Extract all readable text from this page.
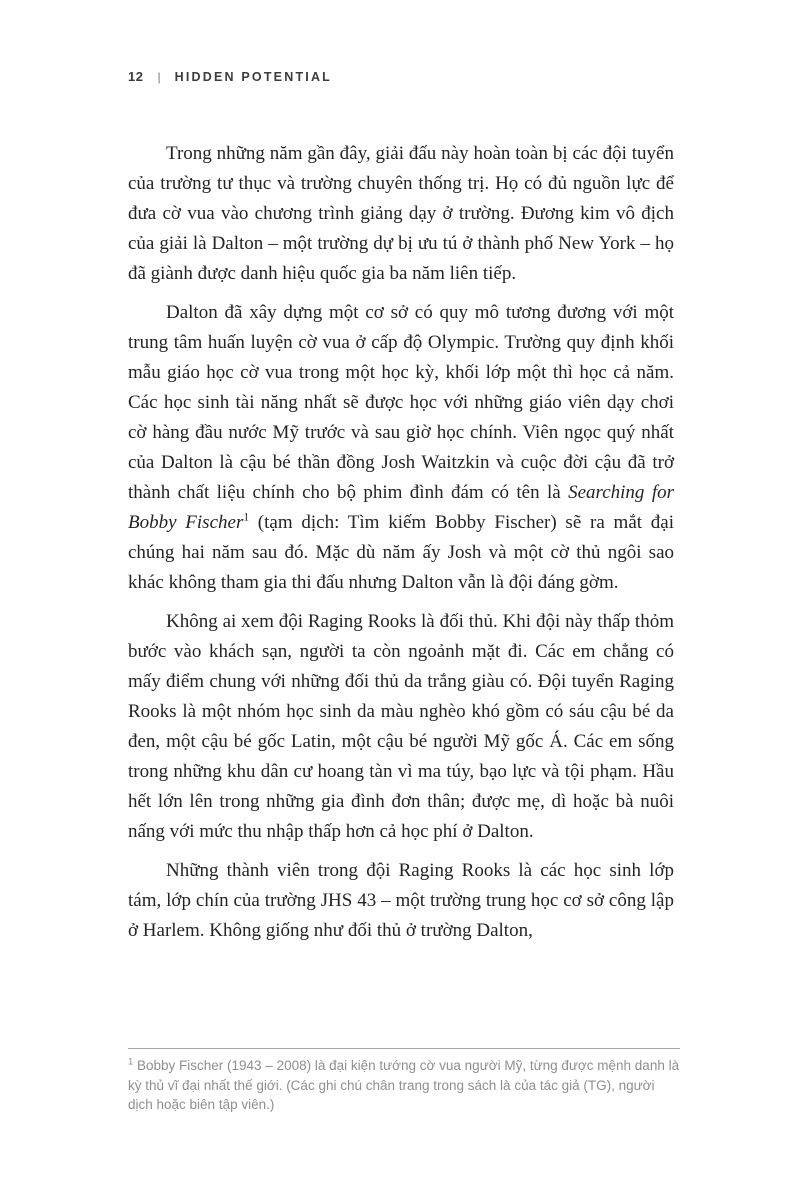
12 | HIDDEN POTENTIAL

Trong những năm gần đây, giải đấu này hoàn toàn bị các đội tuyển của trường tư thục và trường chuyên thống trị. Họ có đủ nguồn lực để đưa cờ vua vào chương trình giảng dạy ở trường. Đương kim vô địch của giải là Dalton – một trường dự bị ưu tú ở thành phố New York – họ đã giành được danh hiệu quốc gia ba năm liên tiếp.

Dalton đã xây dựng một cơ sở có quy mô tương đương với một trung tâm huấn luyện cờ vua ở cấp độ Olympic. Trường quy định khối mẫu giáo học cờ vua trong một học kỳ, khối lớp một thì học cả năm. Các học sinh tài năng nhất sẽ được học với những giáo viên dạy chơi cờ hàng đầu nước Mỹ trước và sau giờ học chính. Viên ngọc quý nhất của Dalton là cậu bé thần đồng Josh Waitzkin và cuộc đời cậu đã trở thành chất liệu chính cho bộ phim đình đám có tên là Searching for Bobby Fischer$^1$ (tạm dịch: Tìm kiếm Bobby Fischer) sẽ ra mắt đại chúng hai năm sau đó. Mặc dù năm ấy Josh và một cờ thủ ngôi sao khác không tham gia thi đấu nhưng Dalton vẫn là đội đáng gờm.

Không ai xem đội Raging Rooks là đối thủ. Khi đội này thấp thỏm bước vào khách sạn, người ta còn ngoảnh mặt đi. Các em chẳng có mấy điểm chung với những đối thủ da trắng giàu có. Đội tuyển Raging Rooks là một nhóm học sinh da màu nghèo khó gồm có sáu cậu bé da đen, một cậu bé gốc Latin, một cậu bé người Mỹ gốc Á. Các em sống trong những khu dân cư hoang tàn vì ma túy, bạo lực và tội phạm. Hầu hết lớn lên trong những gia đình đơn thân; được mẹ, dì hoặc bà nuôi nấng với mức thu nhập thấp hơn cả học phí ở Dalton.

Những thành viên trong đội Raging Rooks là các học sinh lớp tám, lớp chín của trường JHS 43 – một trường trung học cơ sở công lập ở Harlem. Không giống như đối thủ ở trường Dalton,

$^1$ Bobby Fischer (1943 – 2008) là đại kiện tướng cờ vua người Mỹ, từng được mệnh danh là kỳ thủ vĩ đại nhất thế giới. (Các ghi chú chân trang trong sách là của tác giả (TG), người dịch hoặc biên tập viên.)
